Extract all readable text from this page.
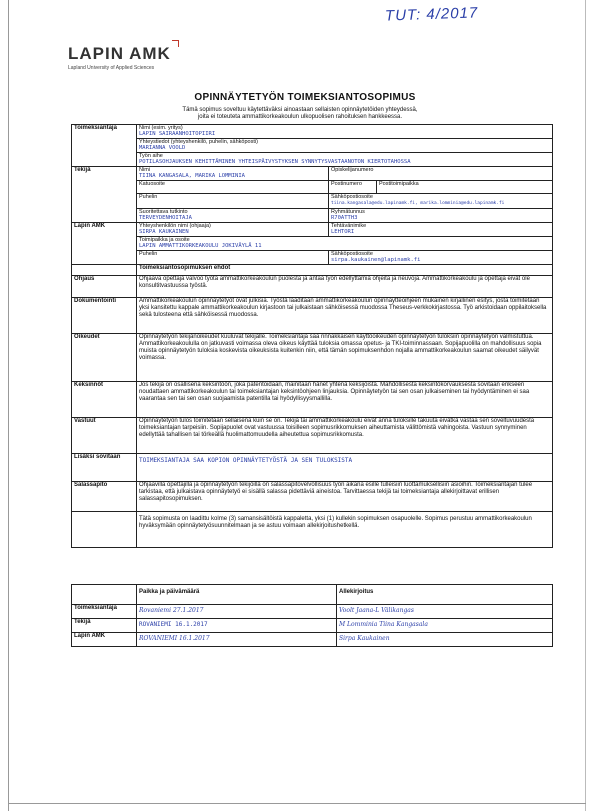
TUT: 4/2017
LAPIN AMK
Lapland University of Applied Sciences
OPINNÄYTETYÖN TOIMEKSIANTOSOPIMUS
Tämä sopimus soveltuu käytettäväksi ainoastaan sellaisten opinnäytetöiden yhteydessä,
joita ei toteuteta ammattikorkeakoulun ulkopuolisen rahoituksen hankkeessa.
Toimeksiantaja	Nimi (esim. yritys)
LAPIN SAIRAANHOITOPIIRI		

	Yhteystiedot (yhteyshenkilö, puhelin, sähköposti)
MARIANNA VOOLD		

	Työn aihe
POTILASOHJAUKSEN KEHITTÄMINEN YHTEISPÄIVYSTYKSEN SYNNYTYSVASTAANOTON KIERTOTAHOSSA		

Tekijä	Nimi
TIINA KANGASALA, MARIKA LOMMINIA	Opiskelijanumero	

	Katuosoite	Postinumero	Postitoimipaikka

	Puhelin	Sähköpostiosoite
tiina.kangasala@edu.lapinamk.fi, marika.lomminia@edu.lapinamk.fi	

	Suoritettava tutkinto
TERVEYDENHOITAJA	Ryhmätunnus
R70ATTH3	

Lapin AMK	Yhteyshenkilön nimi (ohjaaja)
SIRPA KAUKAINEN	Tehtävänimike
LEHTORI	

	Toimipaikka ja osoite
LAPIN AMMATTIKORKEAKOULU JOKIVÄYLÄ 11		

	Puhelin	Sähköpostiosoite
sirpa.kaukainen@lapinamk.fi	

	Toimeksiantosopimuksen ehdot		
Ohjaus	Ohjaava opettaja valvoo työtä ammattikorkeakoulun puolesta ja antaa työn edellyttämiä ohjeita ja neuvoja. Ammattikorkeakoulu ja opettaja eivät ole konsultitvastuussa työstä.		
Dokumentointi	Ammattikorkeakoulun opinnäytetyöt ovat julkisia. Työstä laaditaan ammattikorkeakoulun opinnäytteoihjeen mukainen kirjallinen esitys, josta toimitetaan yksi kansitettu kappale ammattikorkeakoulun kirjastoon tai julkaistaan sähköisessä muodossa Theseus-verkkokirjastossa. Työ arkistoidaan oppilaitoksella sekä tulosteena että sähköisessä muodossa.		
Oikeudet	Opinnäytetyön tekijänoikeudet kuuluvat tekijälle. Toimeksiantaja saa rinnakkaisen käyttöoikeuden opinnäytetyön tuloksiin opinnäytetyön valmistuttua. Ammattikorkeakoululla on jatkuvasti voimassa oleva oikeus käyttää tuloksia omassa opetus- ja TKI-toiminnassaan. Sopijapuolilla on mahdollisuus sopia muista opinnäytetyön tuloksia koskevista oikeuksista kuitenkin niin, että tämän sopimuksenhdon nojalla ammattikorkeakoulun saamat oikeudet säilyvät voimassa.		
Keksinnöt	Jos tekijä on osallisena keksintöön, joka patentoidaan, mainitaan hänet yhtenä keksijöistä. Mahdollisesta keksintökorvauksesta sovitaan erikseen noudattaen ammattikorkeakoulun tai toimeksiantajan keksintöohjeen linjauksia. Opinnäytetyön tai sen osan julkaiseminen tai hyödyntäminen ei saa vaarantaa sen tai sen osan suojaamista patentilla tai hyödyllisyysmallilla.		
Vastuut	Opinnäytetyön tulos toimitetaan sellaisena kuin se on. Tekijä tai ammattikorkeakoulu eivät anna tuloksille takuuta eivätkä vastaa sen soveltuvuudesta toimeksiantajan tarpeisiin. Sopijapuolet ovat vastuussa toisilleen sopimusrikkomuksen aiheuttamista välittömistä vahingoista. Vastuun synnyminen edellyttää tahallisen tai törkeällä huolimattomuudella aiheutettua sopimusrikkomusta.		
Lisäksi sovitaan	TOIMEKSIANTAJA SAA KOPION OPINNÄYTETYÖSTÄ JA SEN TULOKSISTA		

Salassapito	Ohjaavilla opettajilla ja opinnäytetyön tekijöillä on salassapitovelvollisuus työn aikana esille tulleisiin luottamuksellisiin asioihin. Toimeksiantajan tulee tarkistaa, että julkaistava opinnäytetyö ei sisällä salassa pidettäviä aineistoa. Tarvittaessa tekijä tai toimeksiantaja allekirjoittavat erillisen salassapitosopimuksen.		
	Tätä sopimusta on laadittu kolme (3) samansisältöistä kappaletta, yksi (1) kullekin sopimuksen osapuolelle. Sopimus perustuu ammattikorkeakoulun hyväksymään opinnäytetyösuunnitelmaan ja se astuu voimaan allekirjoitushetkellä.		
	Paikka ja päivämäärä	Allekirjoitus
Toimeksiantaja	Rovaniemi 27.1.2017	Voolt Jaana-L Välikangas
Tekijä	ROVANIEMI 16.1.2017	M Lomminia Tiina Kangasala
Lapin AMK	ROVANIEMI 16.1.2017	Sirpa Kaukainen
